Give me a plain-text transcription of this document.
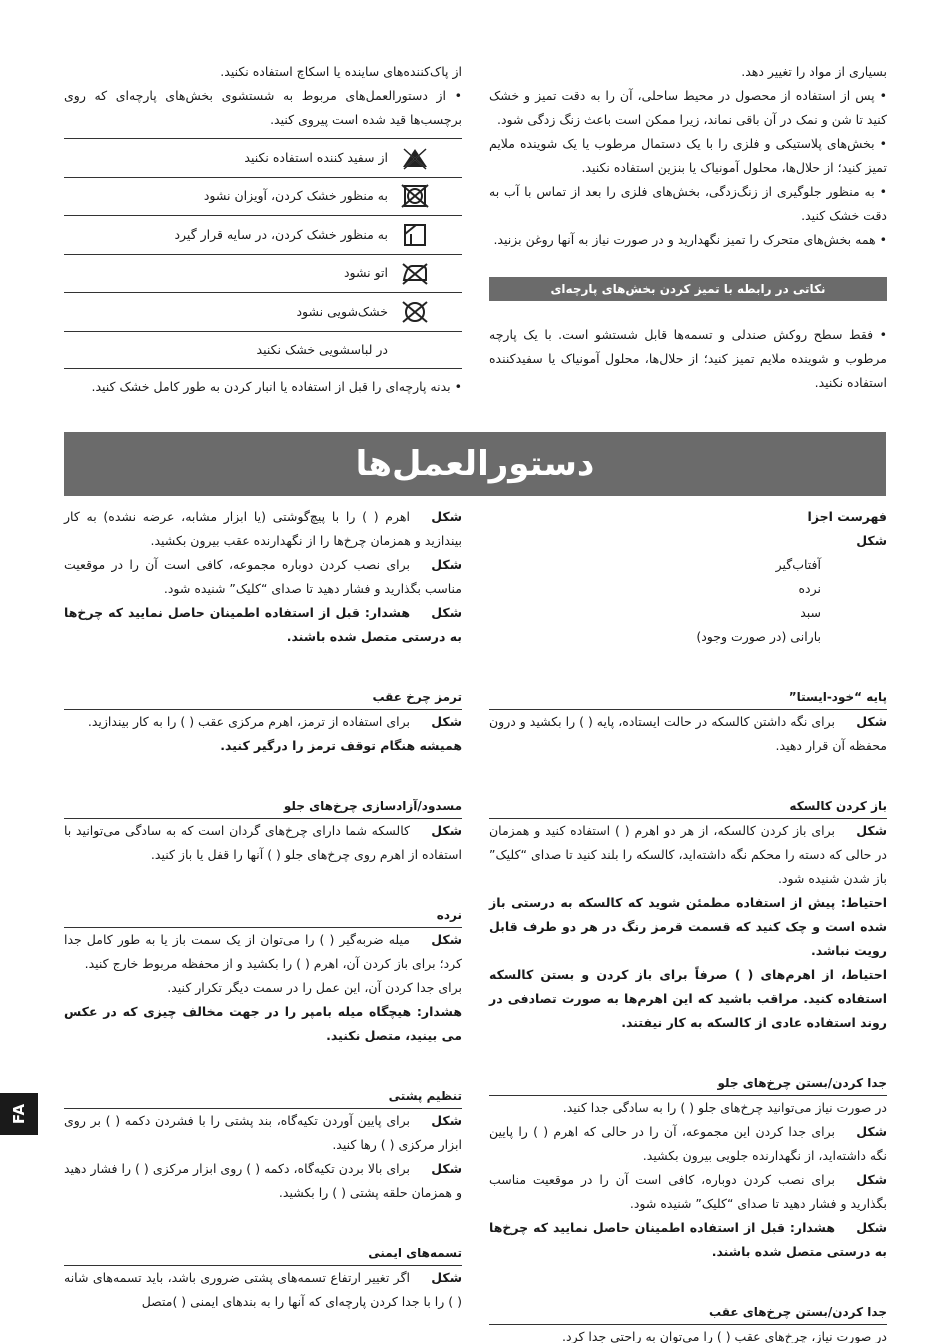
بسیاری از مواد را تغییر دهد.

• پس از استفاده از محصول در محیط ساحلی، آن را به دقت تمیز و خشک کنید تا شن و نمک در آن باقی نماند، زیرا ممکن است باعث زنگ زدگی شود.

• بخش‌های پلاستیکی و فلزی را با یک دستمال مرطوب یا یک شوینده ملایم تمیز کنید؛ از حلال‌ها، محلول آمونیاک یا بنزین استفاده نکنید.

• به منظور جلوگیری از زنگ‌زدگی، بخش‌های فلزی را بعد از تماس با آب به دقت خشک کنید.

• همه بخش‌های متحرک را تمیز نگهدارید و در صورت نیاز به آنها روغن بزنید.

نکاتی در رابطه با تمیز کردن بخش‌های پارچه‌ای

• فقط سطح روکش صندلی و تسمه‌ها قابل شستشو است. با یک پارچه مرطوب و شوینده ملایم تمیز کنید؛ از حلال‌ها، محلول آمونیاک یا سفیدکننده استفاده نکنید.

از پاک‌کننده‌های ساینده یا اسکاچ استفاده نکنید.

• از دستورالعمل‌های مربوط به شستشوی بخش‌های پارچه‌ای که روی برچسب‌ها قید شده است پیروی کنید.

از سفید کننده استفاده نکنید
به منظور خشک کردن، آویزان نشود
به منظور خشک کردن، در سایه قرار گیرد
اتو نشود
خشک‌شویی نشود
در لباسشویی خشک نکنید

• بدنه پارچه‌ای را قبل از استفاده یا انبار کردن به طور کامل خشک کنید.

دستورالعمل‌ها
فهرست اجزا
شکل
آفتاب‌گیر
نرده
سبد
بارانی (در صورت وجود)
پایه “خود-ایستا”
شکلبرای نگه داشتن کالسکه در حالت ایستاده، پایه ( ) را بکشید و درون محفظه آن قرار دهید.
باز کردن کالسکه
شکلبرای باز کردن کالسکه، از هر دو اهرم ( ) استفاده کنید و همزمان در حالی که دسته را محکم نگه داشته‌اید، کالسکه را بلند کنید تا صدای “کلیک” باز شدن شنیده شود.
احتیاط: پیش از استفاده مطمئن شوید که کالسکه به درستی باز شده است و چک کنید که قسمت قرمز رنگ در هر دو طرف قابل رویت نباشد.
احتیاط، از اهرم‌های ( ) صرفاً برای باز کردن و بستن کالسکه استفاده کنید. مراقب باشید که این اهرم‌ها به صورت تصادفی در روند استفاده عادی از کالسکه به کار نیفتند.
جدا کردن/بستن چرخ‌های جلو
در صورت نیاز می‌توانید چرخ‌های جلو ( ) را به سادگی جدا کنید.
شکلبرای جدا کردن این مجموعه، آن را در حالی که اهرم ( ) را پایین نگه داشته‌اید، از نگهدارنده جلویی بیرون بکشید.
شکلبرای نصب کردن دوباره، کافی است آن را در موقعیت مناسب بگذارید و فشار دهید تا صدای “کلیک” شنیده شود.
شکلهشدار: قبل از استفاده اطمینان حاصل نمایید که چرخ‌ها به درستی متصل شده باشند.
جدا کردن/بستن چرخ‌های عقب
در صورت نیاز، چرخ‌های عقب ( ) را می‌توان به راحتی جدا کرد.
شکلاهرم ( ) را با پیچ‌گوشتی (یا ابزار مشابه، عرضه نشده) به کار بیندازید و همزمان چرخ‌ها را از نگهدارنده عقب بیرون بکشید.
شکلبرای نصب کردن دوباره مجموعه، کافی است آن را در موقعیت مناسب بگذارید و فشار دهید تا صدای “کلیک” شنیده شود.
شکلهشدار: قبل از استفاده اطمینان حاصل نمایید که چرخ‌ها به درستی متصل شده باشند.
ترمز چرخ عقب
شکلبرای استفاده از ترمز، اهرم مرکزی عقب ( ) را به کار بیندازید.
همیشه هنگام توقف ترمز را درگیر کنید.
مسدود/آزادسازی چرخ‌های جلو
شکلکالسکه شما دارای چرخ‌های گردان است که به سادگی می‌توانید با استفاده از اهرم روی چرخ‌های جلو ( ) آنها را قفل یا باز کنید.
نرده
شکلمیله ضربه‌گیر ( ) را می‌توان از یک سمت باز یا به طور کامل جدا کرد؛ برای باز کردن آن، اهرم ( ) را بکشید و از محفظه مربوط خارج کنید.
برای جدا کردن آن، این عمل را در سمت دیگر تکرار کنید.
هشدار: هیچگاه میله بامپر را در جهت مخالف چیزی که در عکس می بینید، متصل نکنید.
تنظیم پشتی
شکلبرای پایین آوردن تکیه‌گاه، بند پشتی را با فشردن دکمه ( ) بر روی ابزار مرکزی ( ) رها کنید.
شکلبرای بالا بردن تکیه‌گاه، دکمه ( ) روی ابزار مرکزی ( ) را فشار دهید و همزمان حلقه پشتی ( ) را بکشید.
تسمه‌های ایمنی
شکلاگر تغییر ارتفاع تسمه‌های پشتی ضروری باشد، باید تسمه‌های شانه ( ) را با جدا کردن پارچه‌ای که آنها را به بندهای ایمنی ( )متصل
FA
